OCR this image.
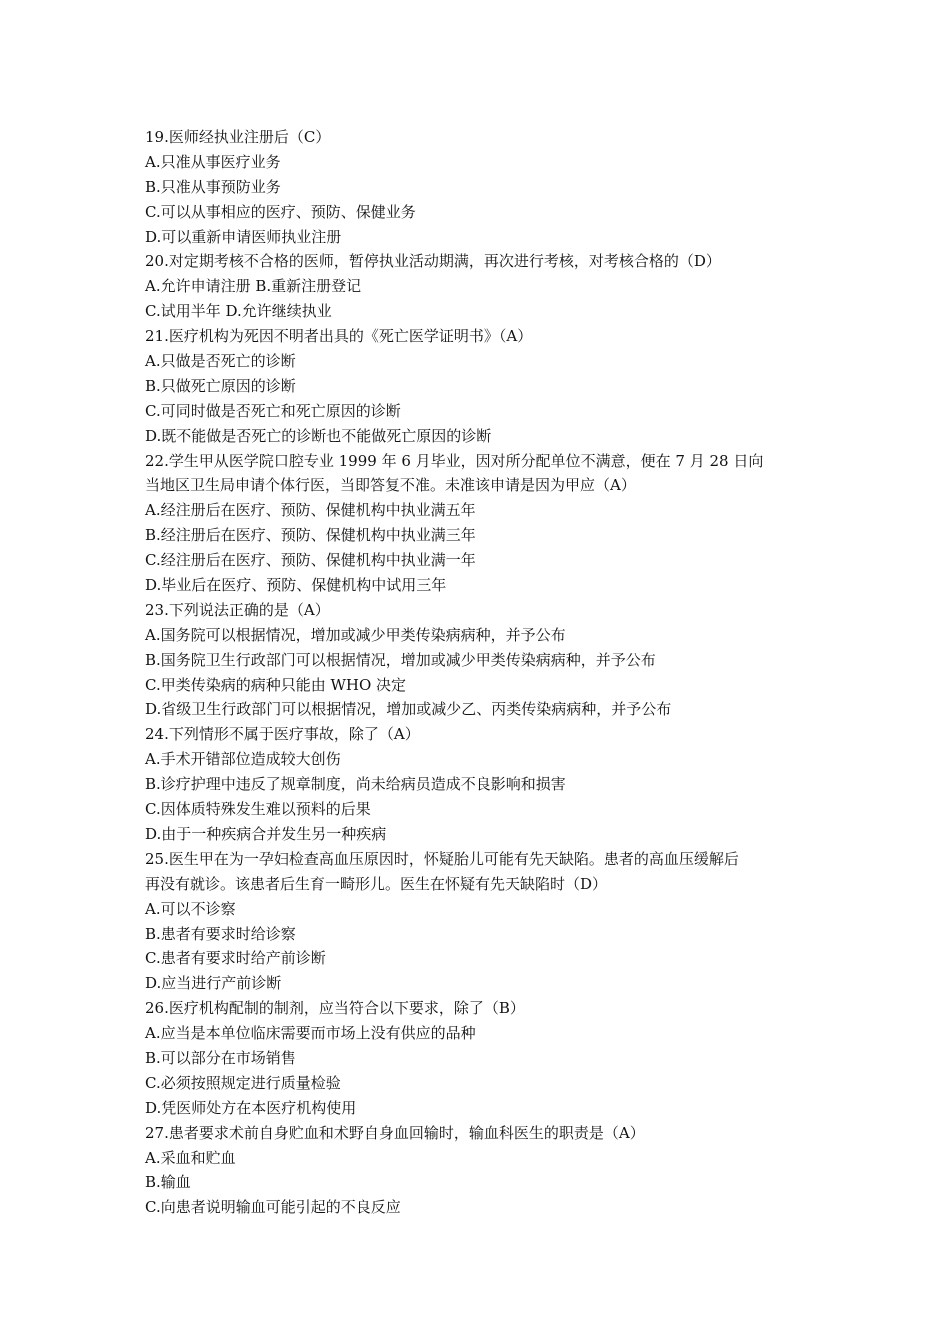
19.医师经执业注册后（C）

A.只准从事医疗业务

B.只准从事预防业务

C.可以从事相应的医疗、预防、保健业务

D.可以重新申请医师执业注册

20.对定期考核不合格的医师，暂停执业活动期满，再次进行考核，对考核合格的（D）

A.允许申请注册 B.重新注册登记

C.试用半年 D.允许继续执业

21.医疗机构为死因不明者出具的《死亡医学证明书》（A）

A.只做是否死亡的诊断

B.只做死亡原因的诊断

C.可同时做是否死亡和死亡原因的诊断

D.既不能做是否死亡的诊断也不能做死亡原因的诊断

22.学生甲从医学院口腔专业 1999 年 6 月毕业，因对所分配单位不满意，便在 7 月 28 日向

当地区卫生局申请个体行医，当即答复不准。未准该申请是因为甲应（A）

A.经注册后在医疗、预防、保健机构中执业满五年

B.经注册后在医疗、预防、保健机构中执业满三年

C.经注册后在医疗、预防、保健机构中执业满一年

D.毕业后在医疗、预防、保健机构中试用三年

23.下列说法正确的是（A）

A.国务院可以根据情况，增加或减少甲类传染病病种，并予公布

B.国务院卫生行政部门可以根据情况，增加或减少甲类传染病病种，并予公布

C.甲类传染病的病种只能由 WHO 决定

D.省级卫生行政部门可以根据情况，增加或减少乙、丙类传染病病种，并予公布

24.下列情形不属于医疗事故，除了（A）

A.手术开错部位造成较大创伤

B.诊疗护理中违反了规章制度，尚未给病员造成不良影响和损害

C.因体质特殊发生难以预料的后果

D.由于一种疾病合并发生另一种疾病

25.医生甲在为一孕妇检查高血压原因时，怀疑胎儿可能有先天缺陷。患者的高血压缓解后

再没有就诊。该患者后生育一畸形儿。医生在怀疑有先天缺陷时（D）

A.可以不诊察

B.患者有要求时给诊察

C.患者有要求时给产前诊断

D.应当进行产前诊断

26.医疗机构配制的制剂，应当符合以下要求，除了（B）

A.应当是本单位临床需要而市场上没有供应的品种

B.可以部分在市场销售

C.必须按照规定进行质量检验

D.凭医师处方在本医疗机构使用

27.患者要求术前自身贮血和术野自身血回输时，输血科医生的职责是（A）

A.采血和贮血

B.输血

C.向患者说明输血可能引起的不良反应
